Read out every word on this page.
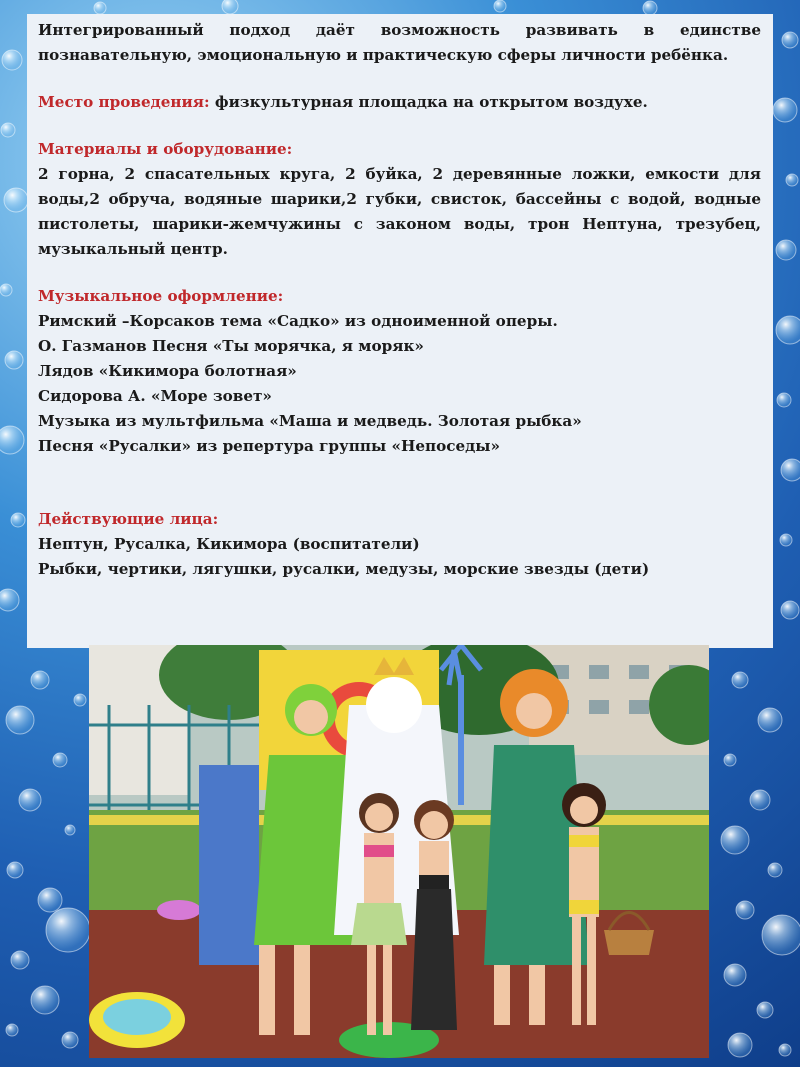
Интегрированный подход даёт возможность развивать в единстве познавательную, эмоциональную и практическую сферы личности ребёнка.

Место проведения: физкультурная площадка на открытом воздухе.

Материалы и оборудование:

2 горна, 2 спасательных круга, 2 буйка, 2 деревянные ложки, емкости для воды,2 обруча, водяные шарики,2 губки, свисток, бассейны с водой, водные пистолеты, шарики-жемчужины с законом воды, трон Нептуна, трезубец, музыкальный центр.

Музыкальное оформление:

Римский –Корсаков тема «Садко» из одноименной оперы.

О. Газманов Песня «Ты морячка, я моряк»

Лядов «Кикимора болотная»

Сидорова А. «Море зовет»

Музыка из мультфильма «Маша и медведь. Золотая рыбка»

Песня «Русалки» из репертура группы «Непоседы»

Действующие лица:

Нептун, Русалка, Кикимора (воспитатели)

Рыбки, чертики, лягушки, русалки, медузы, морские звезды (дети)
